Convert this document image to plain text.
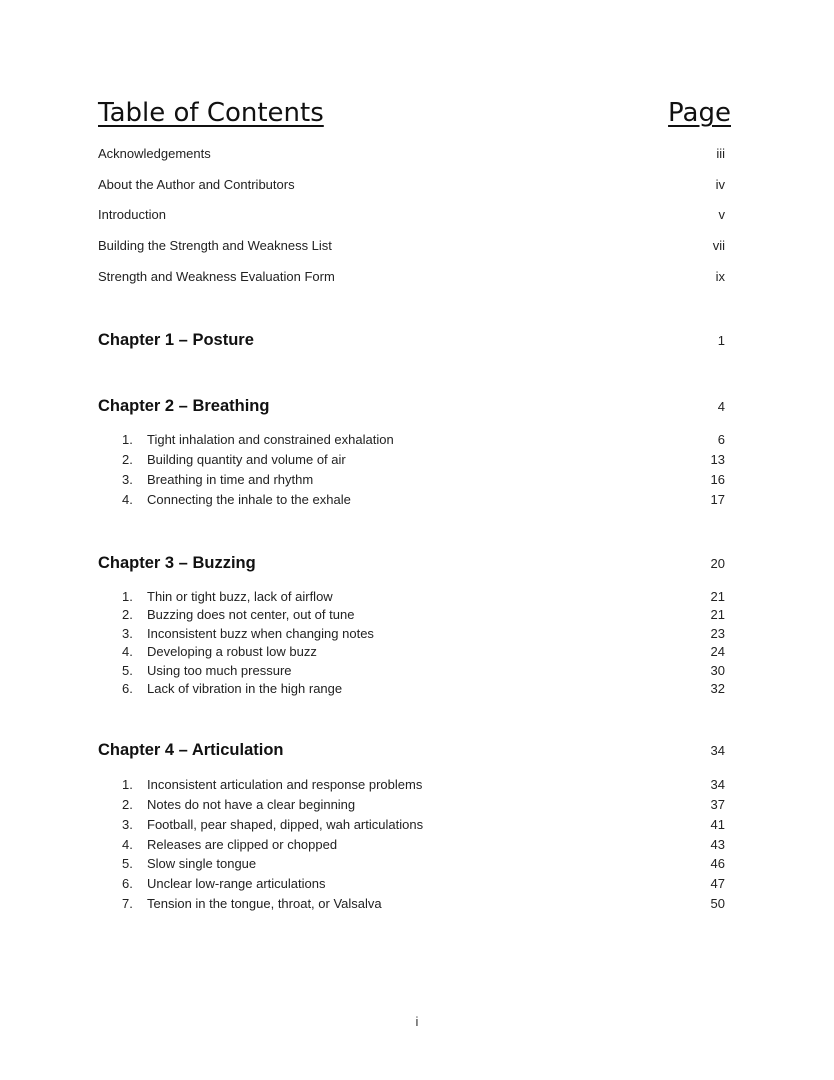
Table of Contents	Page
Acknowledgements	iii
About the Author and Contributors	iv
Introduction	v
Building the Strength and Weakness List	vii
Strength and Weakness Evaluation Form	ix
Chapter 1 – Posture	1
Chapter 2 – Breathing	4
1.	Tight inhalation and constrained exhalation	6
2.	Building quantity and volume of air	13
3.	Breathing in time and rhythm	16
4.	Connecting the inhale to the exhale	17
Chapter 3 – Buzzing	20
1.	Thin or tight buzz, lack of airflow	21
2.	Buzzing does not center, out of tune	21
3.	Inconsistent buzz when changing notes	23
4.	Developing a robust low buzz	24
5.	Using too much pressure	30
6.	Lack of vibration in the high range	32
Chapter 4 – Articulation	34
1.	Inconsistent articulation and response problems	34
2.	Notes do not have a clear beginning	37
3.	Football, pear shaped, dipped, wah articulations	41
4.	Releases are clipped or chopped	43
5.	Slow single tongue	46
6.	Unclear low-range articulations	47
7.	Tension in the tongue, throat, or Valsalva	50
i
